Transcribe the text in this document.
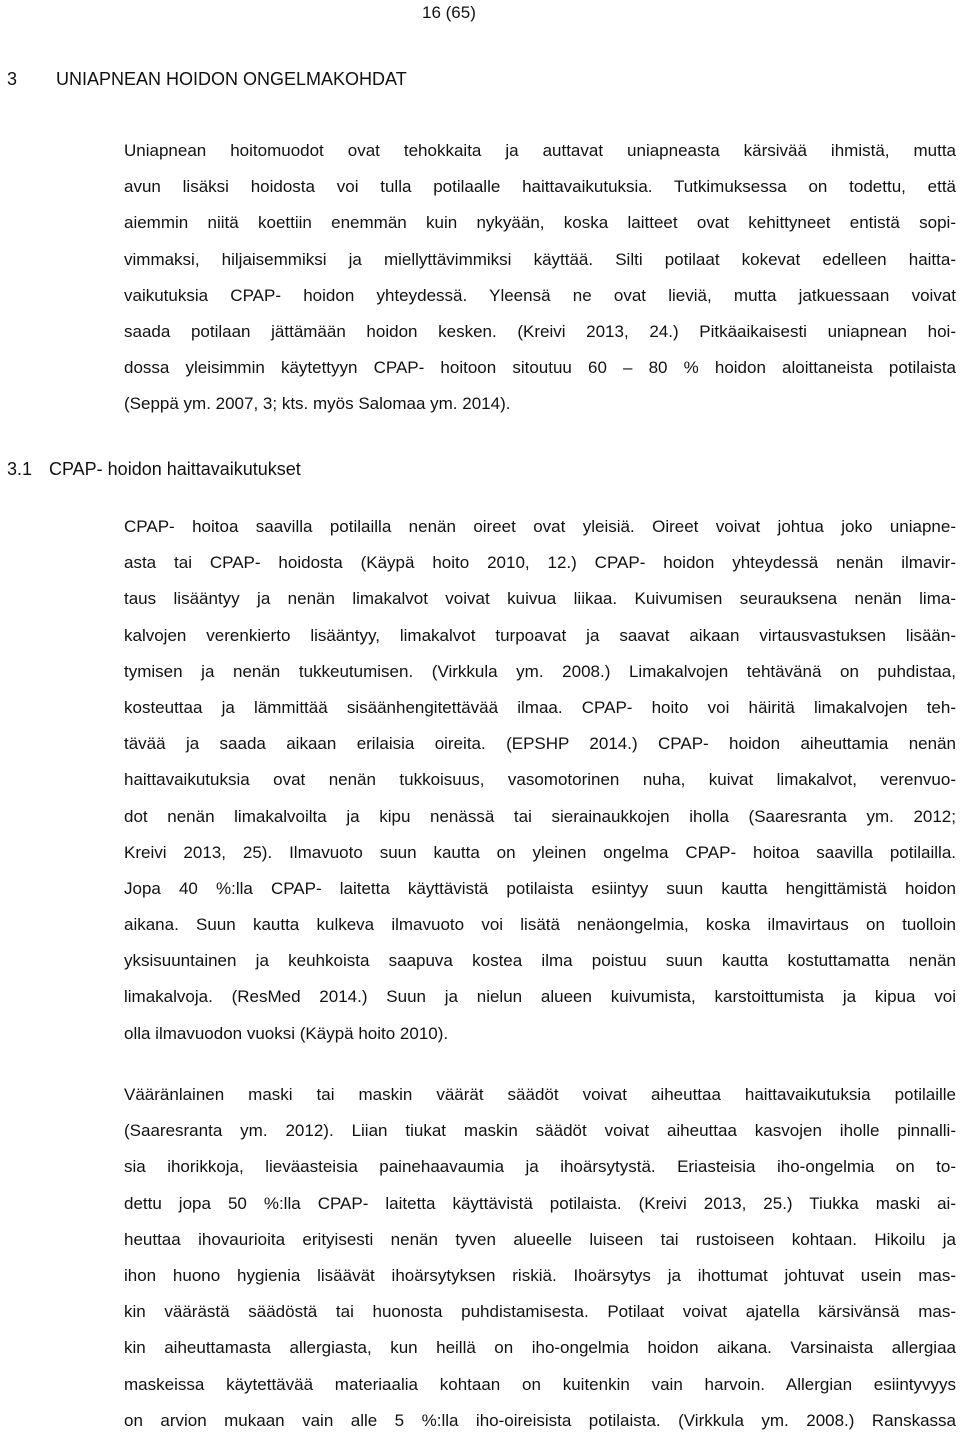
16 (65)
3 UNIAPNEAN HOIDON ONGELMAKOHDAT
Uniapnean hoitomuodot ovat tehokkaita ja auttavat uniapneasta kärsivää ihmistä, mutta
avun lisäksi hoidosta voi tulla potilaalle haittavaikutuksia. Tutkimuksessa on todettu, että
aiemmin niitä koettiin enemmän kuin nykyään, koska laitteet ovat kehittyneet entistä sopi-
vimmaksi, hiljaisemmiksi ja miellyttävimmiksi käyttää. Silti potilaat kokevat edelleen haitta-
vaikutuksia CPAP- hoidon yhteydessä. Yleensä ne ovat lieviä, mutta jatkuessaan voivat
saada potilaan jättämään hoidon kesken. (Kreivi 2013, 24.) Pitkäaikaisesti uniapnean hoi-
dossa yleisimmin käytettyyn CPAP- hoitoon sitoutuu 60 – 80 % hoidon aloittaneista potilaista
(Seppä ym. 2007, 3; kts. myös Salomaa ym. 2014).
3.1 CPAP- hoidon haittavaikutukset
CPAP- hoitoa saavilla potilailla nenän oireet ovat yleisiä. Oireet voivat johtua joko uniapne-
asta tai CPAP- hoidosta (Käypä hoito 2010, 12.) CPAP- hoidon yhteydessä nenän ilmavir-
taus lisääntyy ja nenän limakalvot voivat kuivua liikaa. Kuivumisen seurauksena nenän lima-
kalvojen verenkierto lisääntyy, limakalvot turpoavat ja saavat aikaan virtausvastuksen lisään-
tymisen ja nenän tukkeutumisen. (Virkkula ym. 2008.) Limakalvojen tehtävänä on puhdistaa,
kosteuttaa ja lämmittää sisäänhengitettävää ilmaa. CPAP- hoito voi häiritä limakalvojen teh-
tävää ja saada aikaan erilaisia oireita. (EPSHP 2014.) CPAP- hoidon aiheuttamia nenän
haittavaikutuksia ovat nenän tukkoisuus, vasomotorinen nuha, kuivat limakalvot, verenvuo-
dot nenän limakalvoilta ja kipu nenässä tai sierainaukkojen iholla (Saaresranta ym. 2012;
Kreivi 2013, 25). Ilmavuoto suun kautta on yleinen ongelma CPAP- hoitoa saavilla potilailla.
Jopa 40 %:lla CPAP- laitetta käyttävistä potilaista esiintyy suun kautta hengittämistä hoidon
aikana. Suun kautta kulkeva ilmavuoto voi lisätä nenäongelmia, koska ilmavirtaus on tuolloin
yksisuuntainen ja keuhkoista saapuva kostea ilma poistuu suun kautta kostuttamatta nenän
limakalvoja. (ResMed 2014.) Suun ja nielun alueen kuivumista, karstoittumista ja kipua voi
olla ilmavuodon vuoksi (Käypä hoito 2010).
Vääränlainen maski tai maskin väärät säädöt voivat aiheuttaa haittavaikutuksia potilaille
(Saaresranta ym. 2012). Liian tiukat maskin säädöt voivat aiheuttaa kasvojen iholle pinnalli-
sia ihorikkoja, lieväasteisia painehaavaumia ja ihoärsytystä. Eriasteisia iho-ongelmia on to-
dettu jopa 50 %:lla CPAP- laitetta käyttävistä potilaista. (Kreivi 2013, 25.) Tiukka maski ai-
heuttaa ihovaurioita erityisesti nenän tyven alueelle luiseen tai rustoiseen kohtaan. Hikoilu ja
ihon huono hygienia lisäävät ihoärsytyksen riskiä. Ihoärsytys ja ihottumat johtuvat usein mas-
kin väärästä säädöstä tai huonosta puhdistamisesta. Potilaat voivat ajatella kärsivänsä mas-
kin aiheuttamasta allergiasta, kun heillä on iho-ongelmia hoidon aikana. Varsinaista allergiaa
maskeissa käytettävää materiaalia kohtaan on kuitenkin vain harvoin. Allergian esiintyvyys
on arvion mukaan vain alle 5 %:lla iho-oireisista potilaista. (Virkkula ym. 2008.) Ranskassa
